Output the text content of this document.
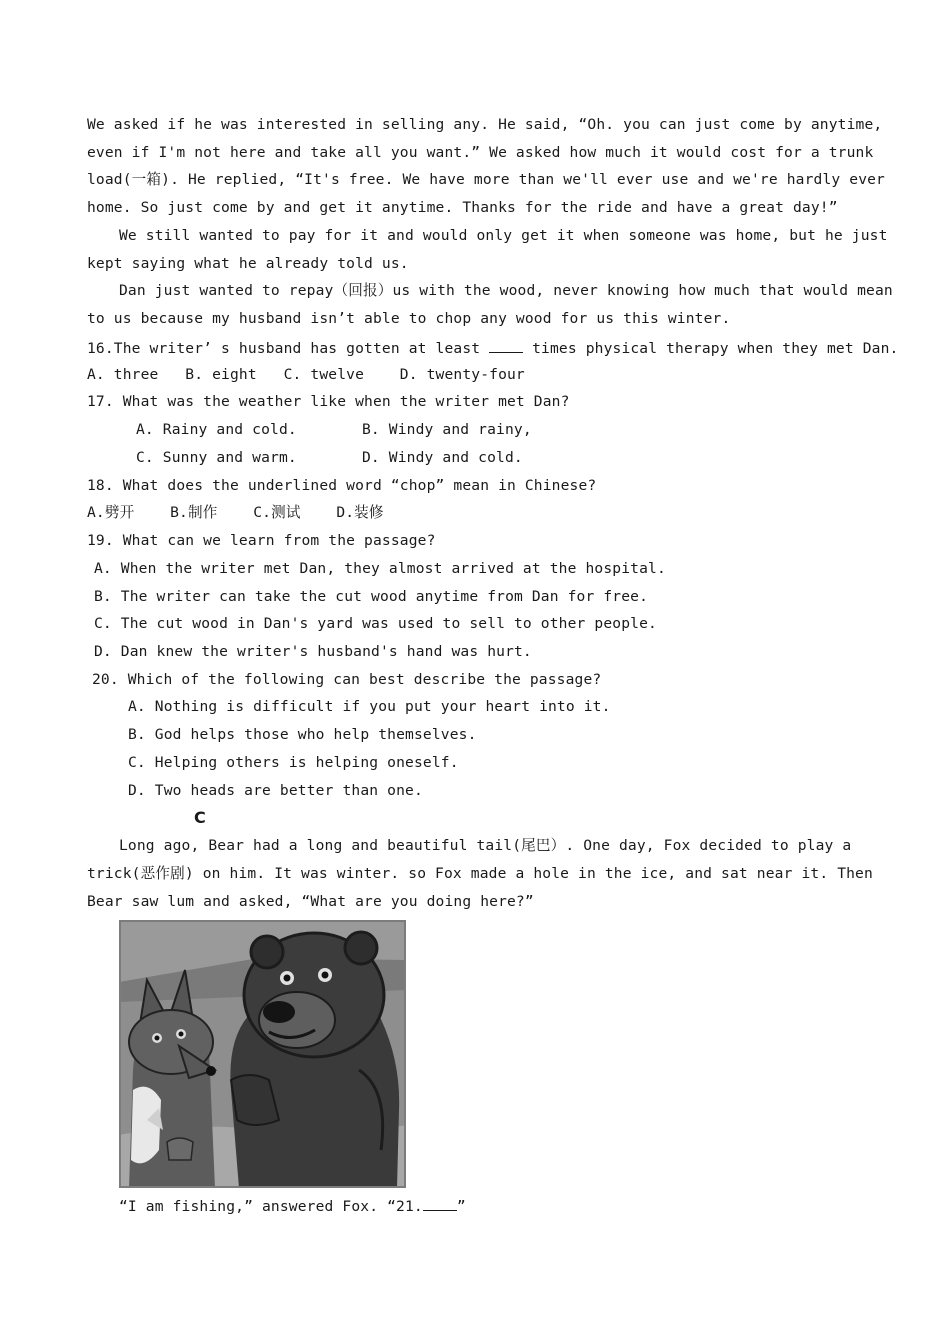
We asked if he was interested in selling any. He said, “Oh. you can just come by anytime,
even if I'm not here and take all you want.” We asked how much it would cost for a trunk
load(一箱). He replied, “It's free. We have more than we'll ever use and we're hardly ever
home. So just come by and get it anytime. Thanks for the ride and have a great day!”
We still wanted to pay for it and would only get it when someone was home, but he just
kept saying what he already told us.
Dan just wanted to repay（回报）us with the wood, never knowing how much that would mean
to us because my husband isn’t able to chop any wood for us this winter.
16.The writer’ s husband has gotten at least  times physical therapy when they met Dan.
A. three   B. eight   C. twelve    D. twenty-four
17. What was the weather like when the writer met Dan?
A. Rainy and cold.	B. Windy and rainy,
C. Sunny and warm.	D. Windy and cold.
18. What does the underlined word “chop” mean in Chinese?
A.劈开    B.制作    C.测试    D.装修
19. What can we learn from the passage?
A. When the writer met Dan, they almost arrived at the hospital.
B. The writer can take the cut wood anytime from Dan for free.
C. The cut wood in Dan's yard was used to sell to other people.
D. Dan knew the writer's husband's hand was hurt.
20. Which of the following can best describe the passage?
A. Nothing is difficult if you put your heart into it.
B. God helps those who help themselves.
C. Helping others is helping oneself.
D. Two heads are better than one.
C
Long ago, Bear had a long and beautiful tail(尾巴）. One day, Fox decided to play a
trick(恶作剧) on him. It was winter. so Fox made a hole in the ice, and sat near it. Then
Bear saw lum and asked, “What are you doing here?”
“I am fishing,” answered Fox. “21. ”
